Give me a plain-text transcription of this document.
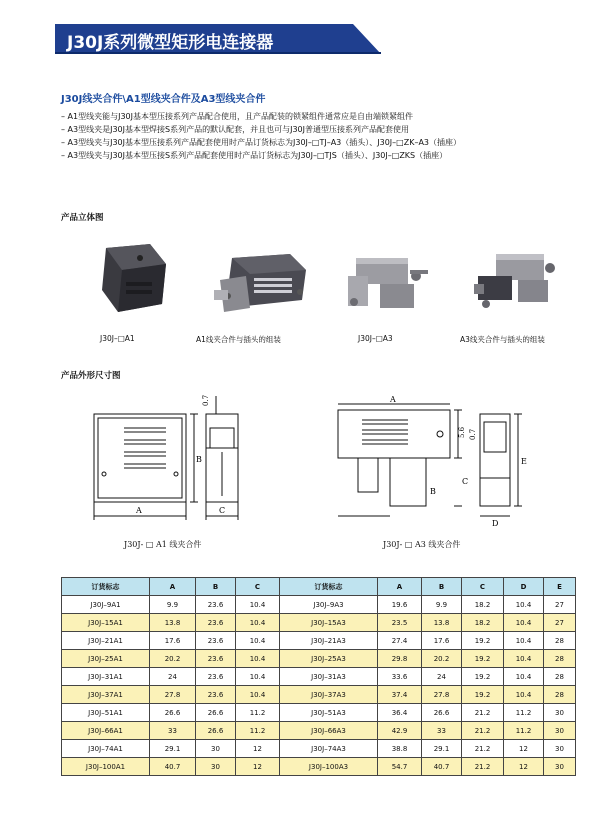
J30J系列微型矩形电连接器
J30J线夹合件\A1型线夹合件及A3型线夹合件

– A1型线夹能与J30J基本型压接系列产品配合使用，且产品配装的锁紧组件通常应是自由端锁紧组件

– A3型线夹是J30J基本型焊接S系列产品的默认配套，并且也可与J30J普通型压接系列产品配套使用

– A3型线夹与J30J基本型压接系列产品配套使用时产品订货标志为J30J–□TJ–A3（插头）、J30J–□ZK–A3（插座）

– A3型线夹与J30J基本型压接S系列产品配套使用时产品订货标志为J30J–□TJS（插头）、J30J–□ZKS（插座）

产品立体图
J30J–□A1	A1线夹合件与插头的组装	J30J–□A3	A3线夹合件与插头的组装
产品外形尺寸图
A
B
C
0.7
J30J- □ A1 线夹合件
A
B
C
D
E
5.6 0.7
J30J- □ A3 线夹合件
订货标志	A	B	C	订货标志	A	B	C	D	E
J30J–9A1	9.9	23.6	10.4	J30J–9A3	19.6	9.9	18.2	10.4	27
J30J–15A1	13.8	23.6	10.4	J30J–15A3	23.5	13.8	18.2	10.4	27
J30J–21A1	17.6	23.6	10.4	J30J–21A3	27.4	17.6	19.2	10.4	28
J30J–25A1	20.2	23.6	10.4	J30J–25A3	29.8	20.2	19.2	10.4	28
J30J–31A1	24	23.6	10.4	J30J–31A3	33.6	24	19.2	10.4	28
J30J–37A1	27.8	23.6	10.4	J30J–37A3	37.4	27.8	19.2	10.4	28
J30J–51A1	26.6	26.6	11.2	J30J–51A3	36.4	26.6	21.2	11.2	30
J30J–66A1	33	26.6	11.2	J30J–66A3	42.9	33	21.2	11.2	30
J30J–74A1	29.1	30	12	J30J–74A3	38.8	29.1	21.2	12	30
J30J–100A1	40.7	30	12	J30J–100A3	54.7	40.7	21.2	12	30
